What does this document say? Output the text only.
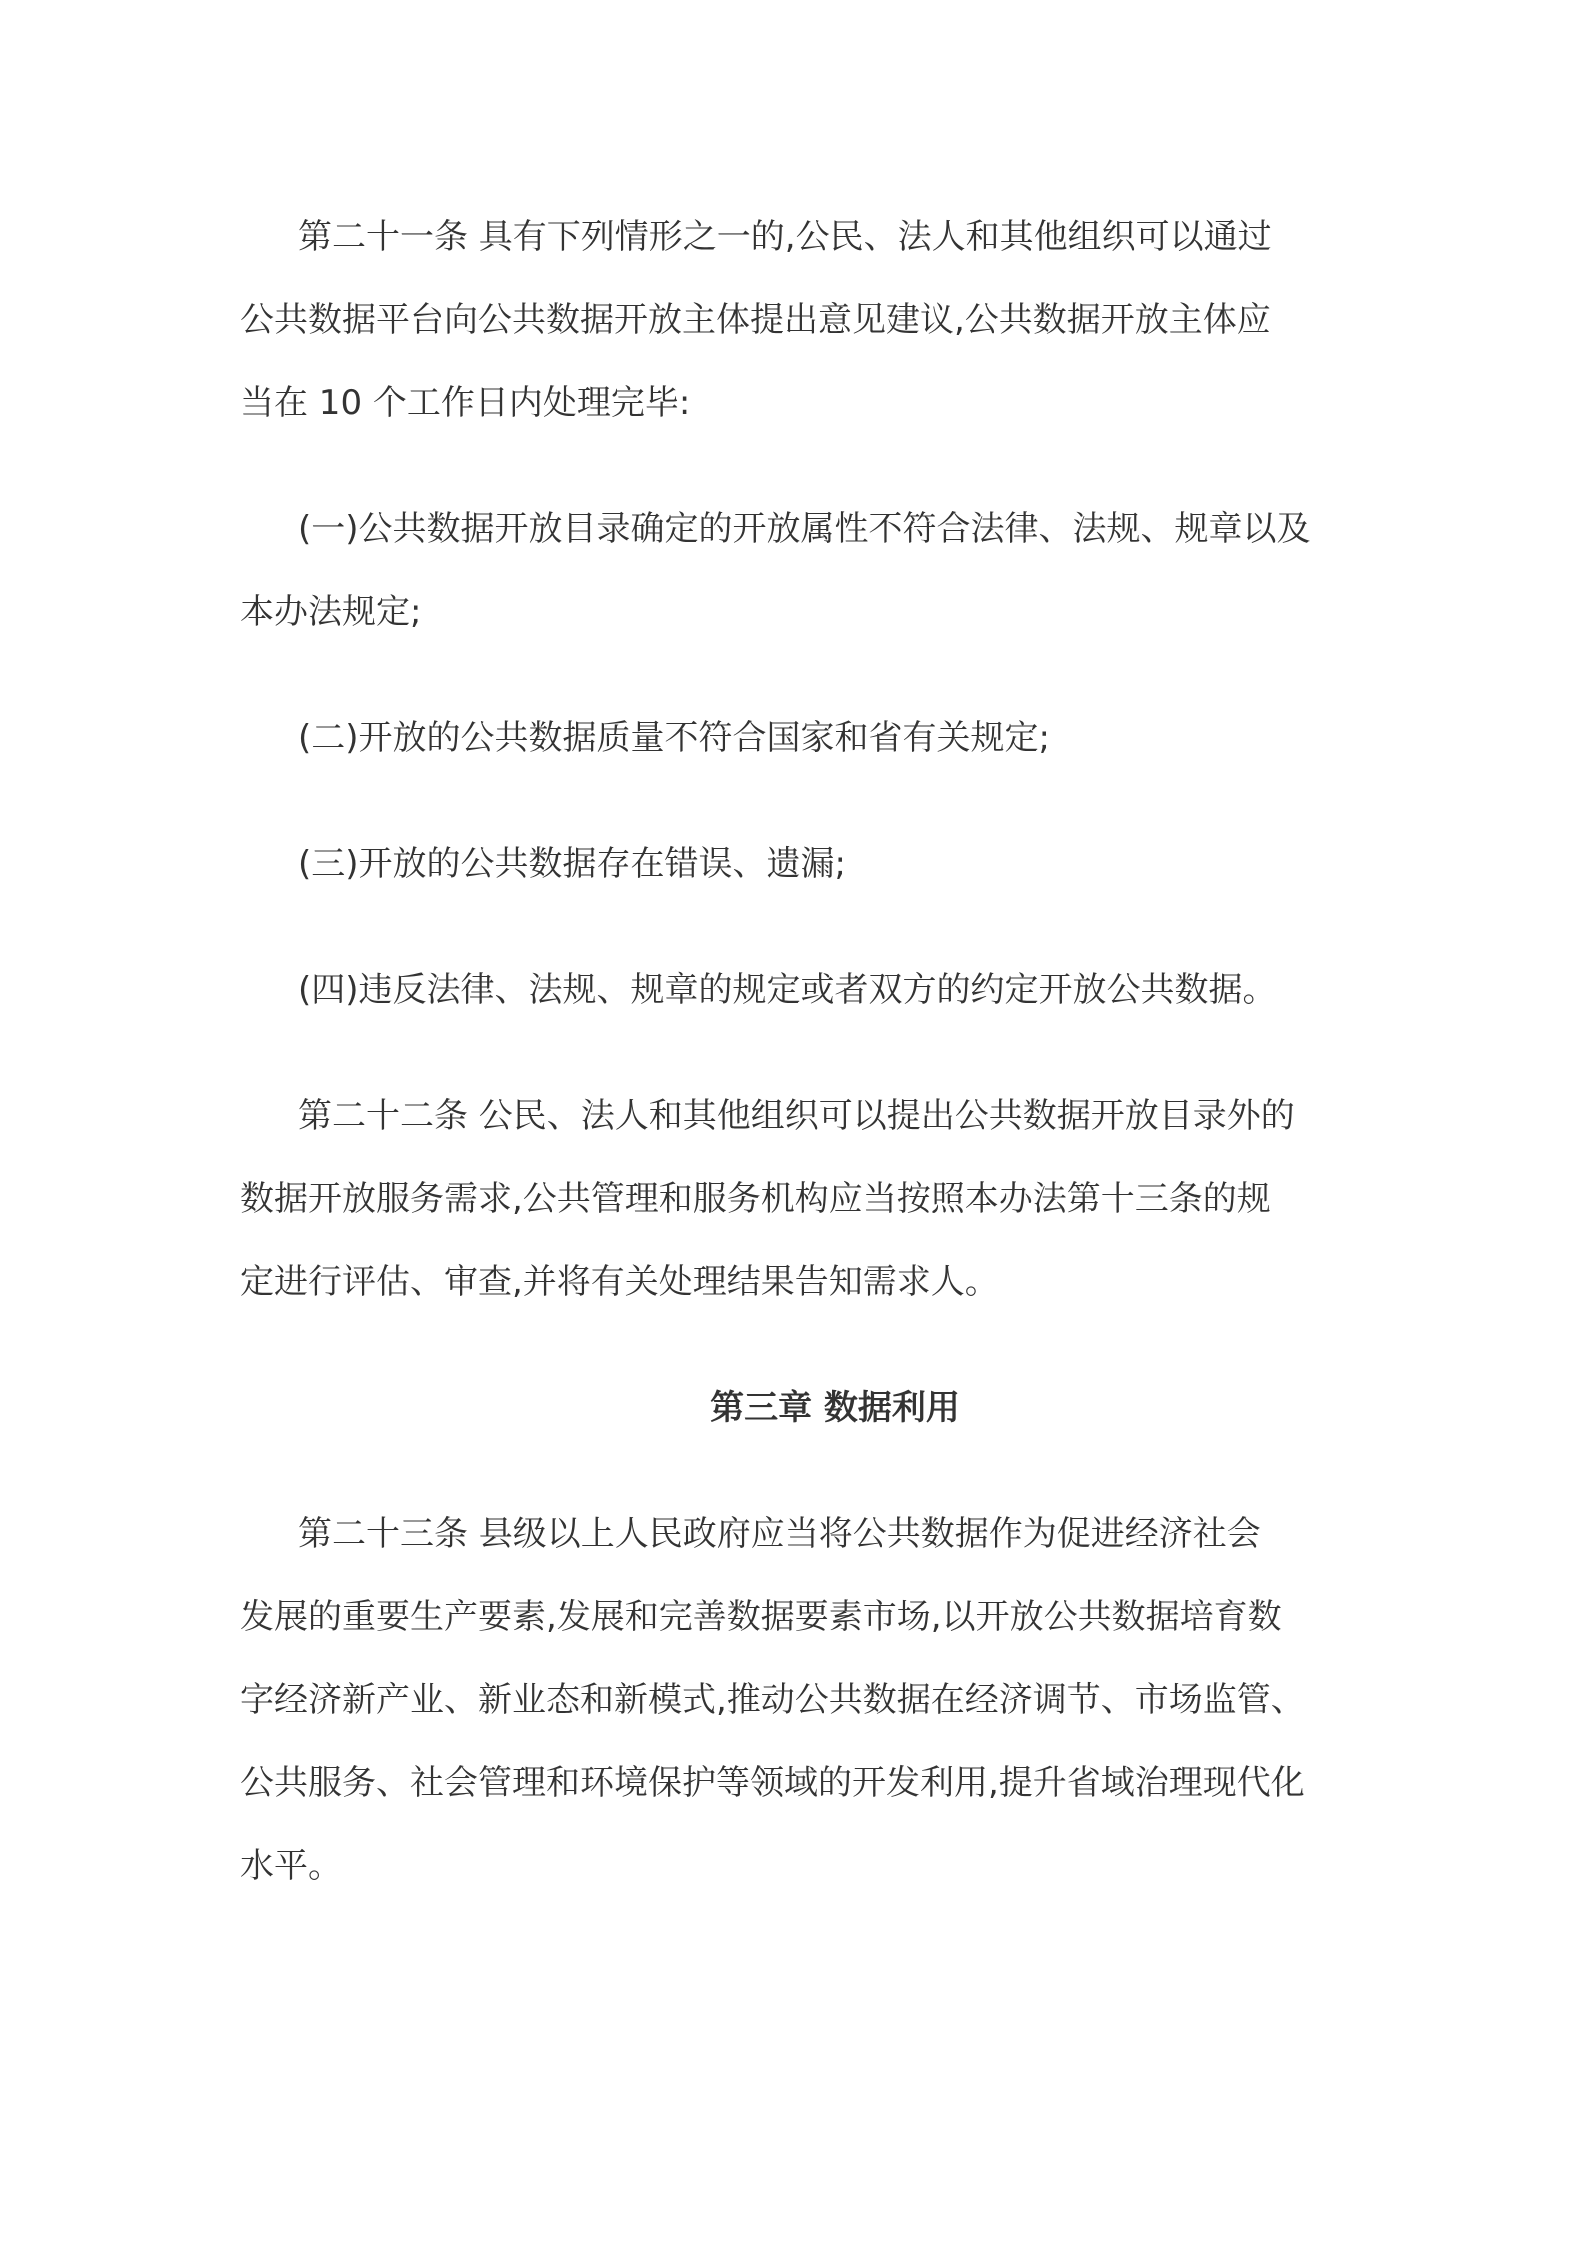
第二十一条 具有下列情形之一的,公民、法人和其他组织可以通过
公共数据平台向公共数据开放主体提出意见建议,公共数据开放主体应
当在 10 个工作日内处理完毕:

(一)公共数据开放目录确定的开放属性不符合法律、法规、规章以及
本办法规定;

(二)开放的公共数据质量不符合国家和省有关规定;

(三)开放的公共数据存在错误、遗漏;

(四)违反法律、法规、规章的规定或者双方的约定开放公共数据。

第二十二条 公民、法人和其他组织可以提出公共数据开放目录外的
数据开放服务需求,公共管理和服务机构应当按照本办法第十三条的规
定进行评估、审查,并将有关处理结果告知需求人。

第三章 数据利用

第二十三条 县级以上人民政府应当将公共数据作为促进经济社会
发展的重要生产要素,发展和完善数据要素市场,以开放公共数据培育数
字经济新产业、新业态和新模式,推动公共数据在经济调节、市场监管、
公共服务、社会管理和环境保护等领域的开发利用,提升省域治理现代化
水平。
